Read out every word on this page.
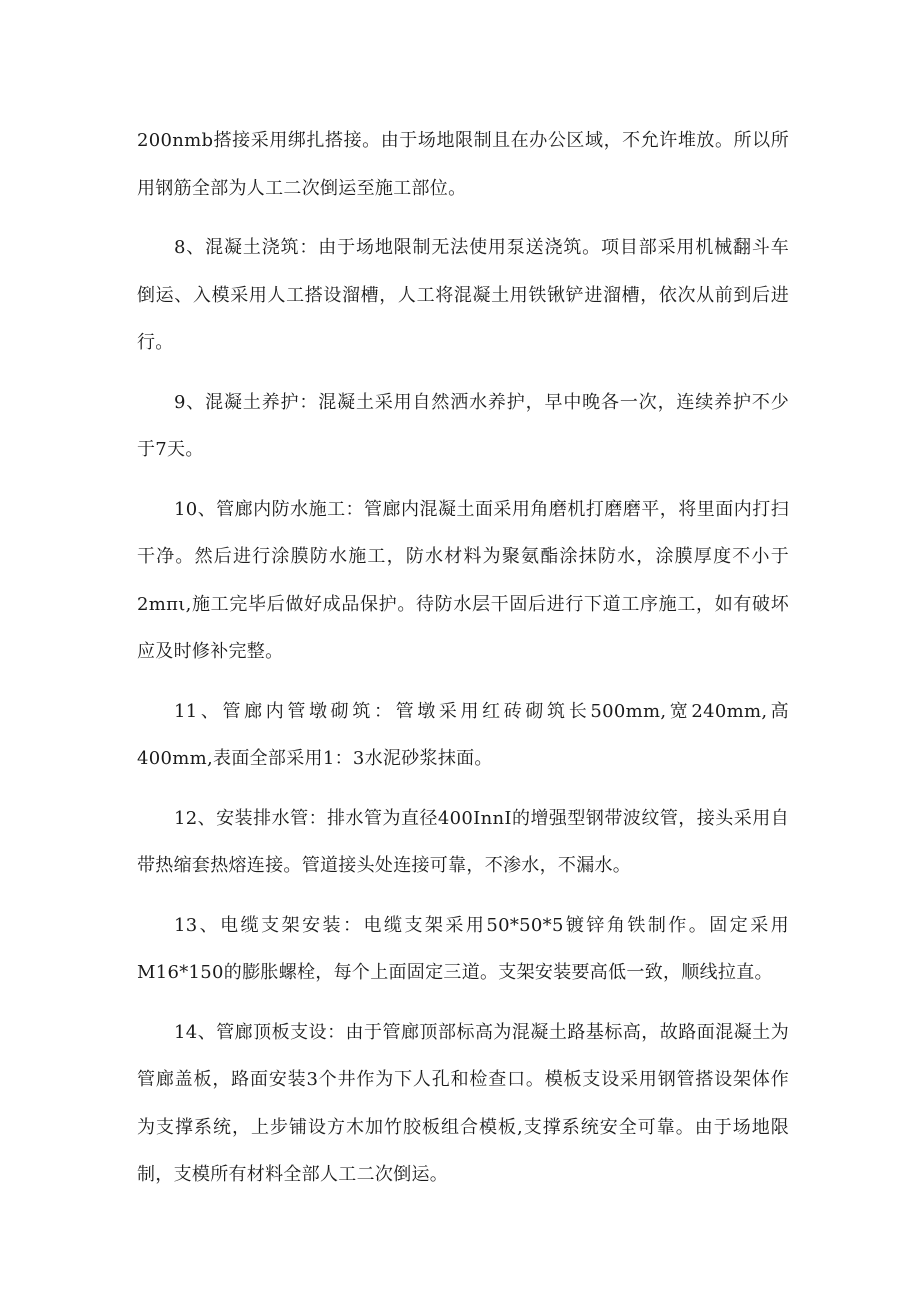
200nmb搭接采用绑扎搭接。由于场地限制且在办公区域，不允许堆放。所以所用钢筋全部为人工二次倒运至施工部位。

8、混凝土浇筑：由于场地限制无法使用泵送浇筑。项目部采用机械翻斗车倒运、入模采用人工搭设溜槽，人工将混凝土用铁锹铲进溜槽，依次从前到后进行。

9、混凝土养护：混凝土采用自然洒水养护，早中晚各一次，连续养护不少于7天。

10、管廊内防水施工：管廊内混凝土面采用角磨机打磨磨平，将里面内打扫干净。然后进行涂膜防水施工，防水材料为聚氨酯涂抹防水，涂膜厚度不小于2mπι,施工完毕后做好成品保护。待防水层干固后进行下道工序施工，如有破坏应及时修补完整。

11、管廊内管墩砌筑：管墩采用红砖砌筑长500mm,宽240mm,高400mm,表面全部采用1：3水泥砂浆抹面。

12、安装排水管：排水管为直径400InnI的增强型钢带波纹管，接头采用自带热缩套热熔连接。管道接头处连接可靠，不渗水，不漏水。

13、电缆支架安装：电缆支架采用50*50*5镀锌角铁制作。固定采用M16*150的膨胀螺栓，每个上面固定三道。支架安装要高低一致，顺线拉直。

14、管廊顶板支设：由于管廊顶部标高为混凝土路基标高，故路面混凝土为管廊盖板，路面安装3个井作为下人孔和检查口。模板支设采用钢管搭设架体作为支撑系统，上步铺设方木加竹胶板组合模板,支撑系统安全可靠。由于场地限制，支模所有材料全部人工二次倒运。
